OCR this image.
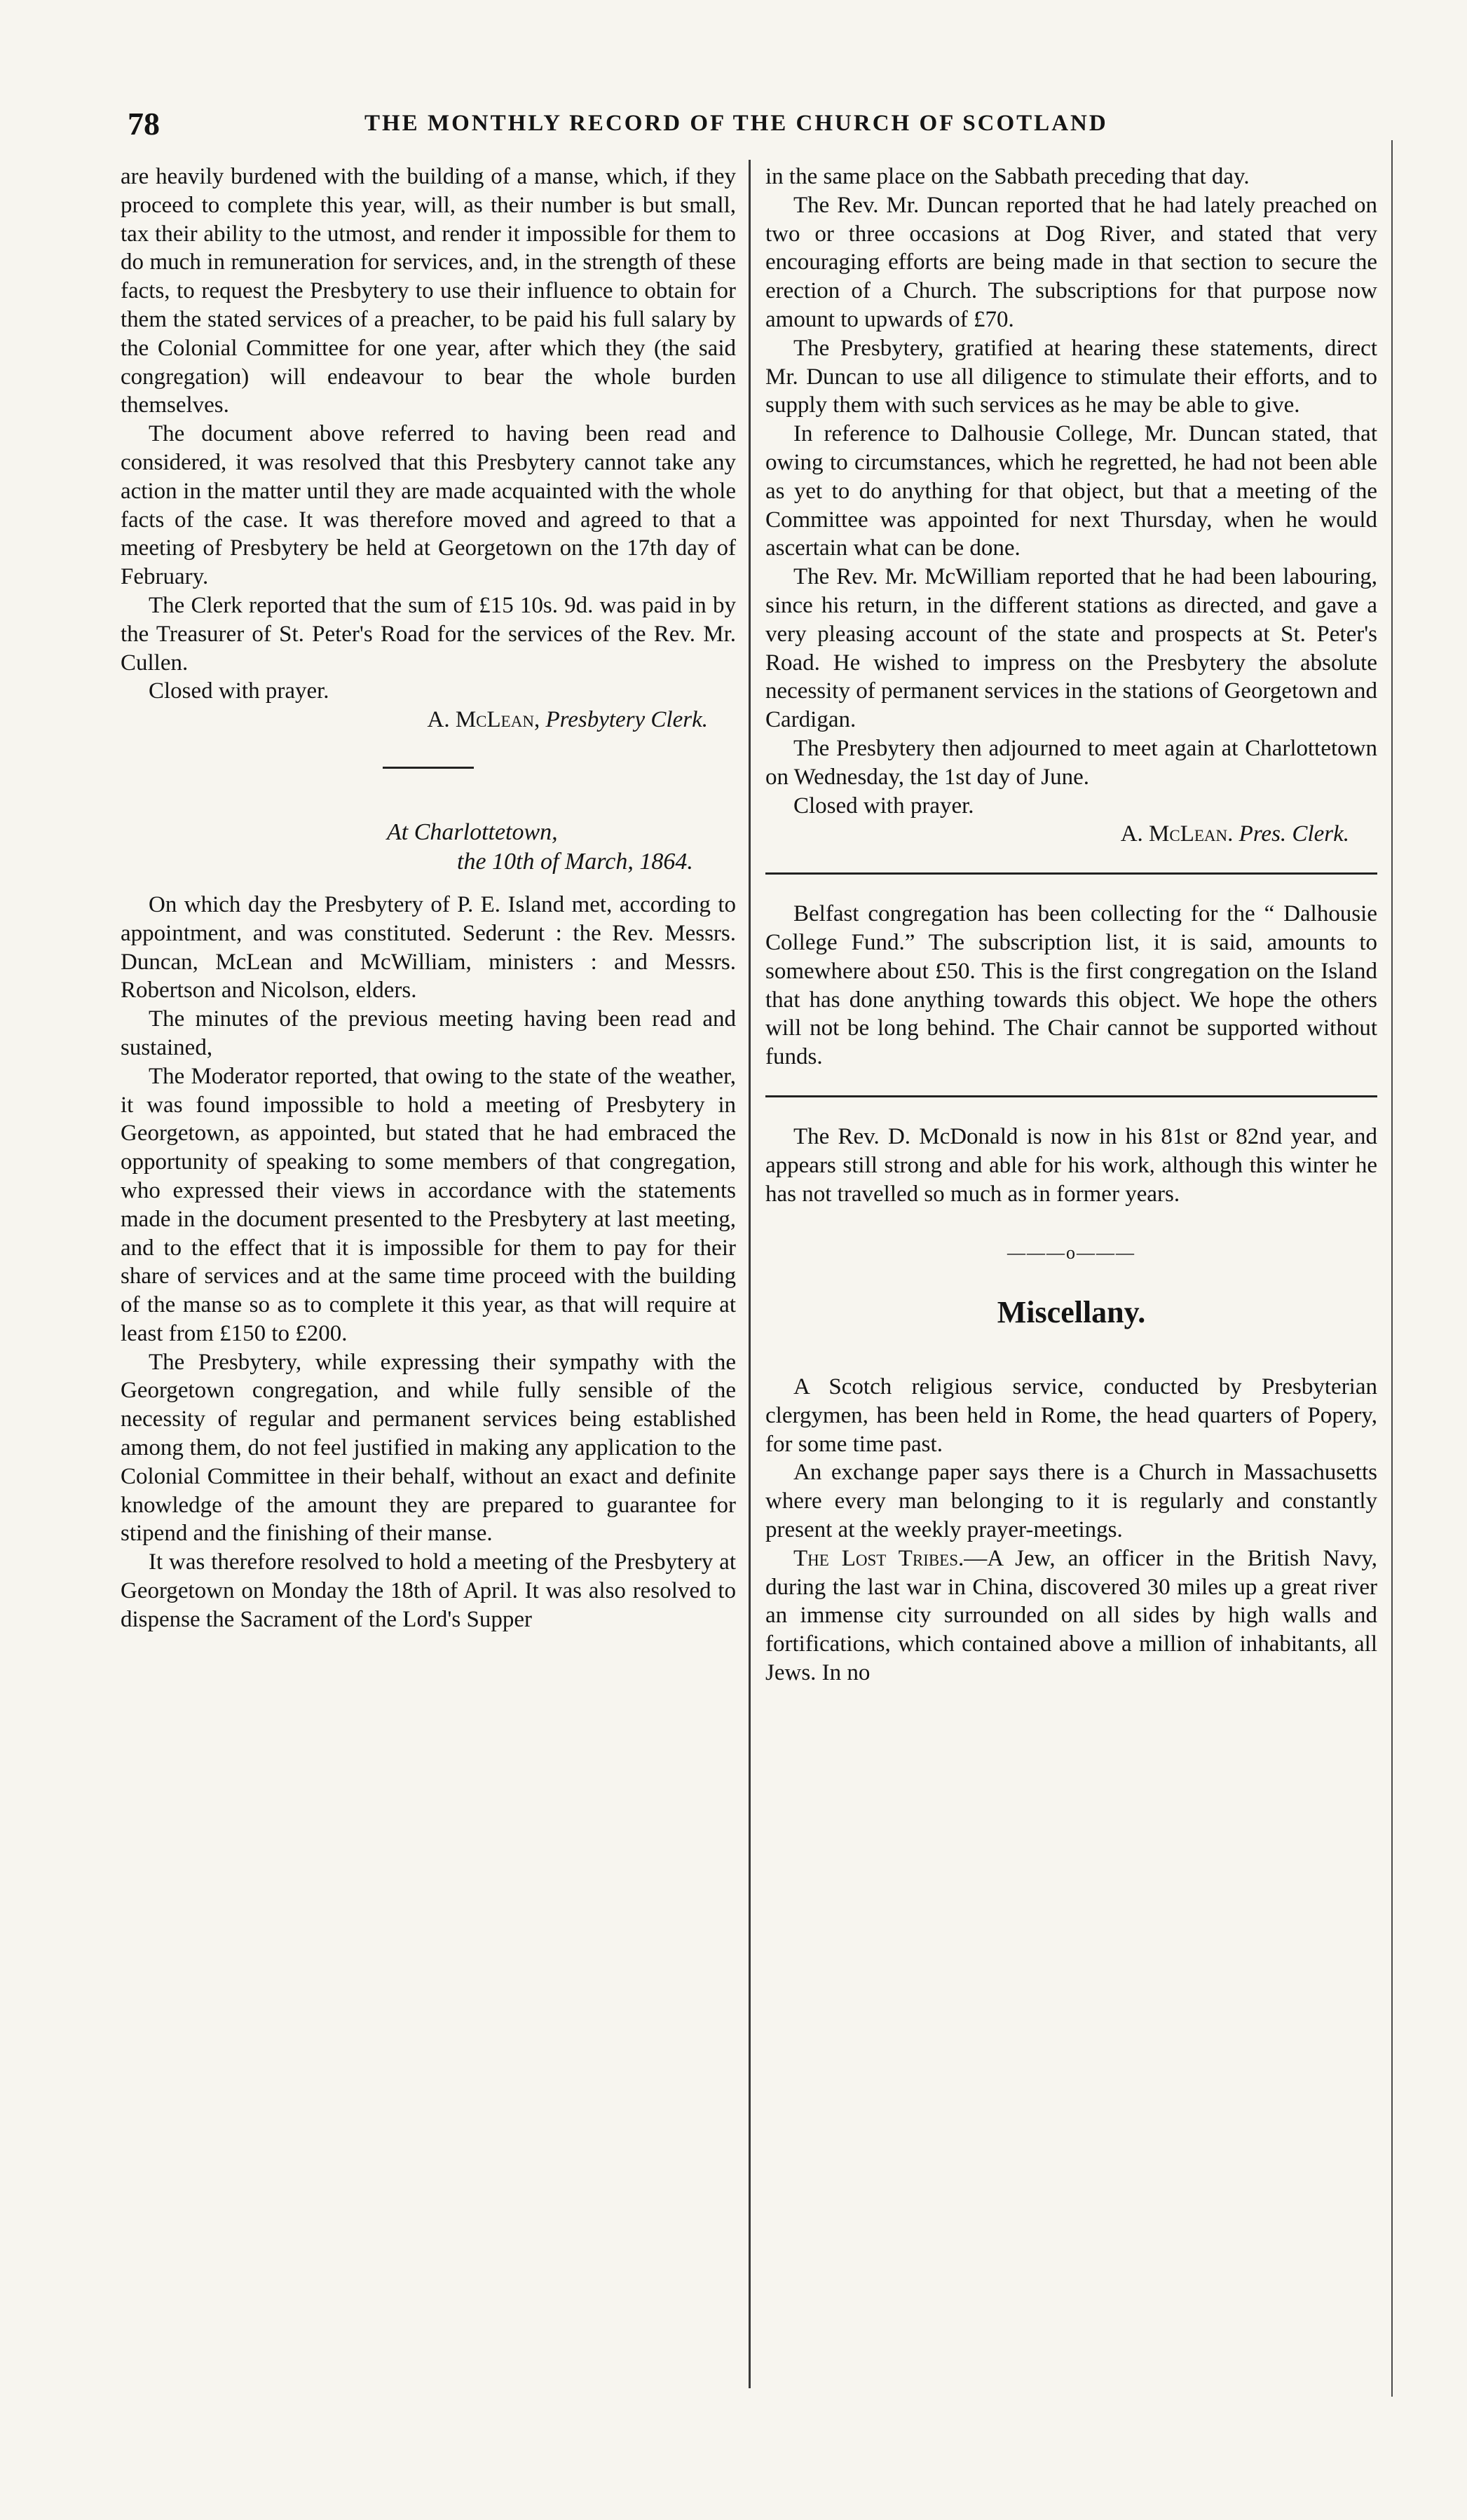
78	THE MONTHLY RECORD OF THE CHURCH OF SCOTLAND

are heavily burdened with the building of a manse, which, if they proceed to complete this year, will, as their number is but small, tax their ability to the utmost, and render it impossible for them to do much in remuneration for services, and, in the strength of these facts, to request the Presbytery to use their influence to obtain for them the stated services of a preacher, to be paid his full salary by the Colonial Committee for one year, after which they (the said congregation) will endeavour to bear the whole burden themselves.

The document above referred to having been read and considered, it was resolved that this Presbytery cannot take any action in the matter until they are made acquainted with the whole facts of the case. It was therefore moved and agreed to that a meeting of Presbytery be held at Georgetown on the 17th day of February.

The Clerk reported that the sum of £15 10s. 9d. was paid in by the Treasurer of St. Peter's Road for the services of the Rev. Mr. Cullen.

Closed with prayer.

A. McLean, Presbytery Clerk.

At Charlottetown,
the 10th of March, 1864.

On which day the Presbytery of P. E. Island met, according to appointment, and was constituted. Sederunt : the Rev. Messrs. Duncan, McLean and McWilliam, ministers : and Messrs. Robertson and Nicolson, elders.

The minutes of the previous meeting having been read and sustained,

The Moderator reported, that owing to the state of the weather, it was found impossible to hold a meeting of Presbytery in Georgetown, as appointed, but stated that he had embraced the opportunity of speaking to some members of that congregation, who expressed their views in accordance with the statements made in the document presented to the Presbytery at last meeting, and to the effect that it is impossible for them to pay for their share of services and at the same time proceed with the building of the manse so as to complete it this year, as that will require at least from £150 to £200.

The Presbytery, while expressing their sympathy with the Georgetown congregation, and while fully sensible of the necessity of regular and permanent services being established among them, do not feel justified in making any application to the Colonial Committee in their behalf, without an exact and definite knowledge of the amount they are prepared to guarantee for stipend and the finishing of their manse.

It was therefore resolved to hold a meeting of the Presbytery at Georgetown on Monday the 18th of April. It was also resolved to dispense the Sacrament of the Lord's Supper

in the same place on the Sabbath preceding that day.

The Rev. Mr. Duncan reported that he had lately preached on two or three occasions at Dog River, and stated that very encouraging efforts are being made in that section to secure the erection of a Church. The subscriptions for that purpose now amount to upwards of £70.

The Presbytery, gratified at hearing these statements, direct Mr. Duncan to use all diligence to stimulate their efforts, and to supply them with such services as he may be able to give.

In reference to Dalhousie College, Mr. Duncan stated, that owing to circumstances, which he regretted, he had not been able as yet to do anything for that object, but that a meeting of the Committee was appointed for next Thursday, when he would ascertain what can be done.

The Rev. Mr. McWilliam reported that he had been labouring, since his return, in the different stations as directed, and gave a very pleasing account of the state and prospects at St. Peter's Road. He wished to impress on the Presbytery the absolute necessity of permanent services in the stations of Georgetown and Cardigan.

The Presbytery then adjourned to meet again at Charlottetown on Wednesday, the 1st day of June.

Closed with prayer.

A. McLean. Pres. Clerk.

Belfast congregation has been collecting for the “ Dalhousie College Fund.” The subscription list, it is said, amounts to somewhere about £50. This is the first congregation on the Island that has done anything towards this object. We hope the others will not be long behind. The Chair cannot be supported without funds.

The Rev. D. McDonald is now in his 81st or 82nd year, and appears still strong and able for his work, although this winter he has not travelled so much as in former years.

———o———
Miscellany.

A Scotch religious service, conducted by Presbyterian clergymen, has been held in Rome, the head quarters of Popery, for some time past.

An exchange paper says there is a Church in Massachusetts where every man belonging to it is regularly and constantly present at the weekly prayer-meetings.

The Lost Tribes.—A Jew, an officer in the British Navy, during the last war in China, discovered 30 miles up a great river an immense city surrounded on all sides by high walls and fortifications, which contained above a million of inhabitants, all Jews. In no
